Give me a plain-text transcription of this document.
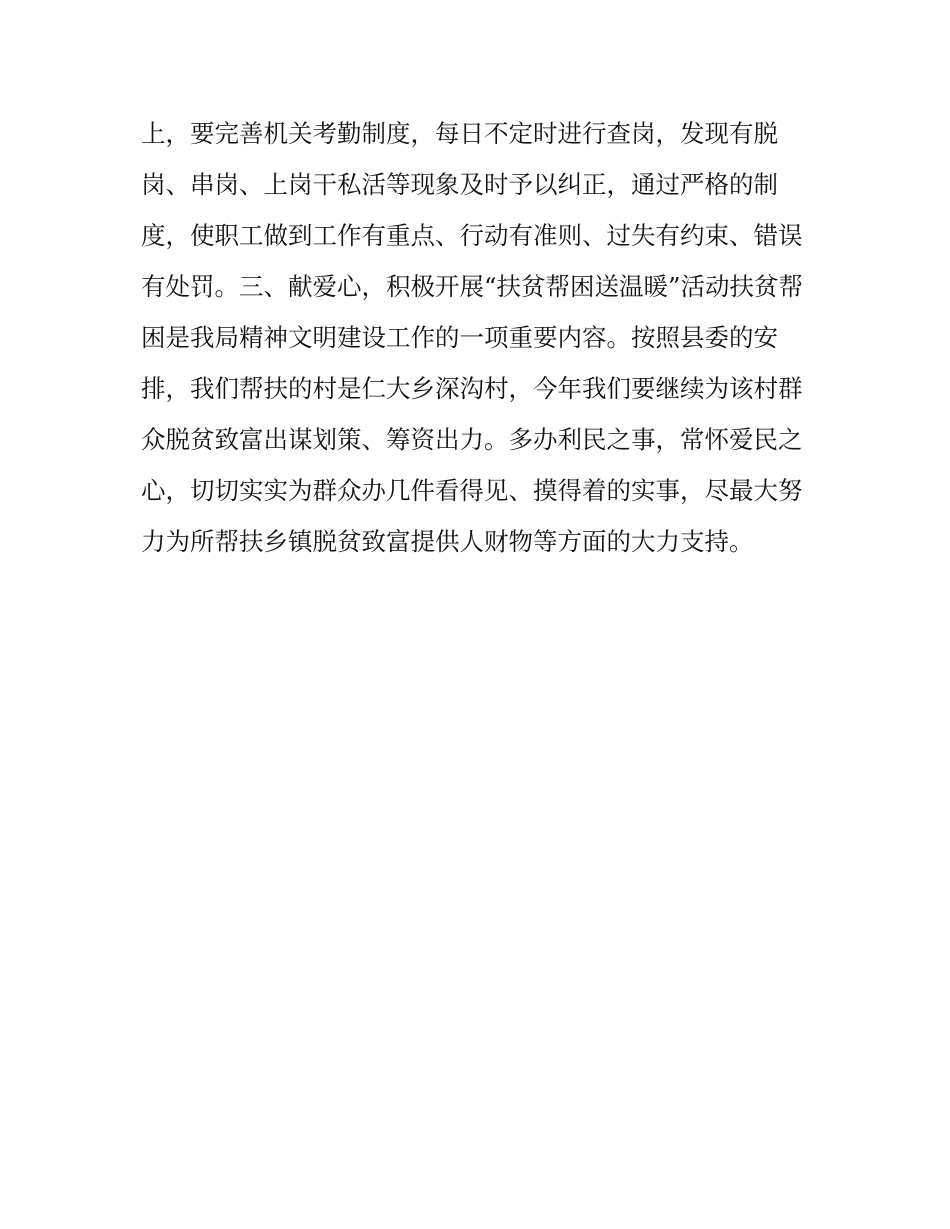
上，要完善机关考勤制度，每日不定时进行查岗，发现有脱
岗、串岗、上岗干私活等现象及时予以纠正，通过严格的制
度，使职工做到工作有重点、行动有准则、过失有约束、错误
有处罚。三、献爱心，积极开展“扶贫帮困送温暖”活动扶贫帮
困是我局精神文明建设工作的一项重要内容。按照县委的安
排，我们帮扶的村是仁大乡深沟村，今年我们要继续为该村群
众脱贫致富出谋划策、筹资出力。多办利民之事，常怀爱民之
心，切切实实为群众办几件看得见、摸得着的实事，尽最大努
力为所帮扶乡镇脱贫致富提供人财物等方面的大力支持。
